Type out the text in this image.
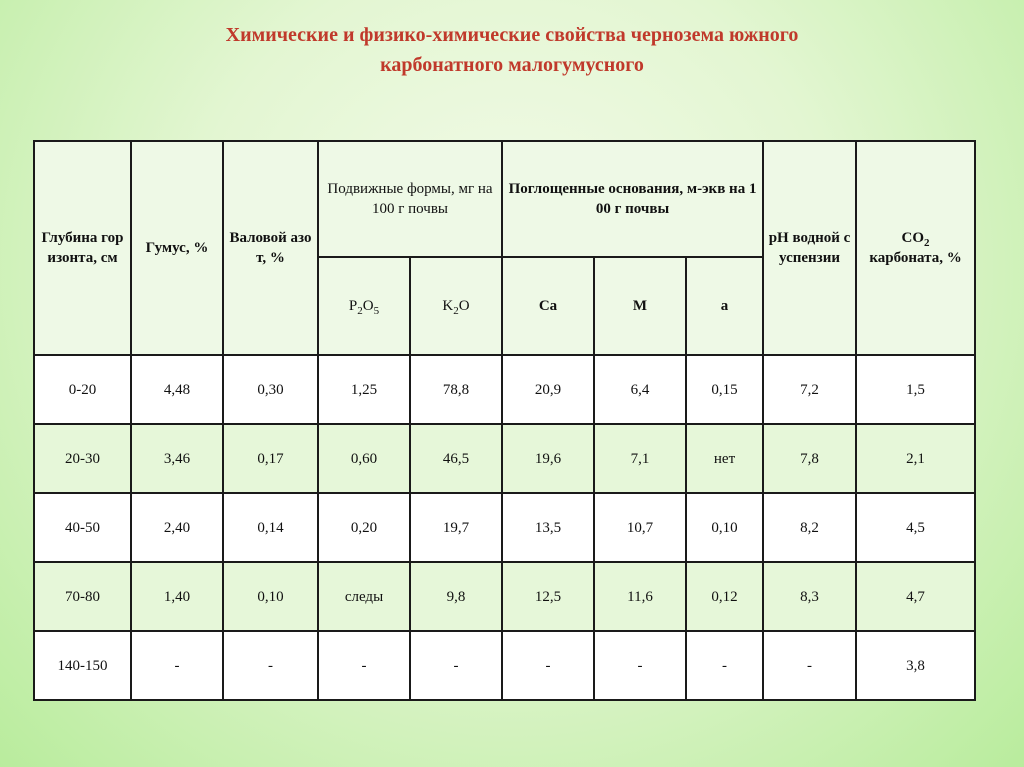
Химические и физико-химические свойства чернозема южного
карбонатного малогумусного
Глубина горизонта, см	Гумус, %	Валовой азот, %	Подвижные формы, мг на 100 г почвы		Поглощенные основания, м-экв на 100 г почвы			pH водной суспензии	$CO_2$
карбоната, %
			$P_2O_5$	$K_2O$	Ca	M	a		
0-20	4,48	0,30	1,25	78,8	20,9	6,4	0,15	7,2	1,5
20-30	3,46	0,17	0,60	46,5	19,6	7,1	нет	7,8	2,1
40-50	2,40	0,14	0,20	19,7	13,5	10,7	0,10	8,2	4,5
70-80	1,40	0,10	следы	9,8	12,5	11,6	0,12	8,3	4,7
140-150	-	-	-	-	-	-	-	-	3,8
